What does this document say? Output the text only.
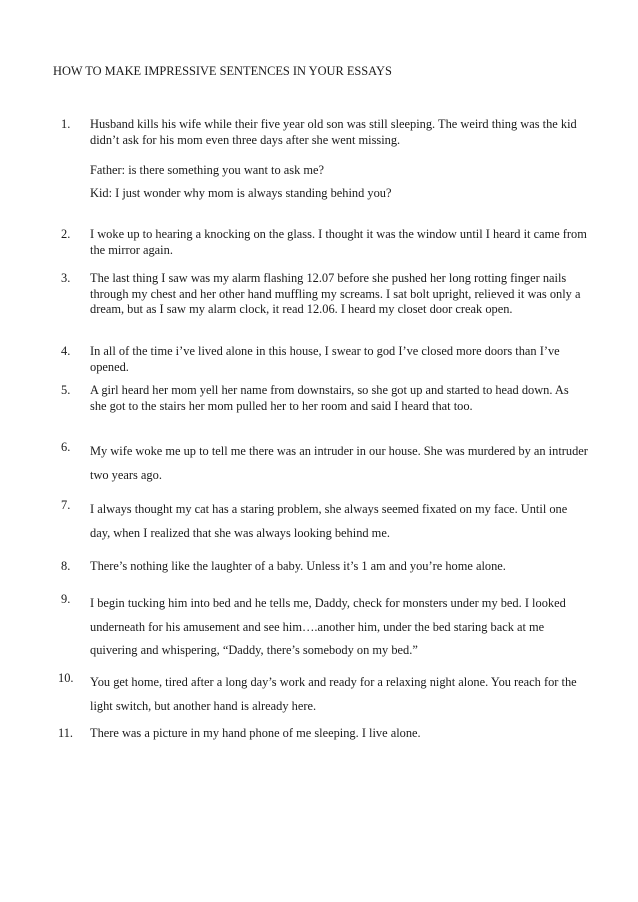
HOW TO MAKE IMPRESSIVE SENTENCES IN YOUR ESSAYS
1.	Husband kills his wife while their five year old son was still sleeping. The weird thing was the kid didn’t ask for his mom even three days after she went missing.
Father: is there something you want to ask me?
Kid: I just wonder why mom is always standing behind you?
2.	I woke up to hearing a knocking on the glass. I thought it was the window until I heard it came from the mirror again.
3.	The last thing I saw was my alarm flashing 12.07 before she pushed her long rotting finger nails through my chest and her other hand muffling my screams. I sat bolt upright, relieved it was only a dream, but as I saw my alarm clock, it read 12.06. I heard my closet door creak open.
4.	In all of the time i’ve lived alone in this house, I swear to god I’ve closed more doors than I’ve opened.
5.	A girl heard her mom yell her name from downstairs, so she got up and started to head down. As she got to the stairs her mom pulled her to her room and said I heard that too.
6.	My wife woke me up to tell me there was an intruder in our house. She was murdered by an intruder two years ago.
7.	I always thought my cat has a staring problem, she always seemed fixated on my face. Until one day, when I realized that she was always looking behind me.
8.	There’s nothing like the laughter of a baby. Unless it’s 1 am and you’re home alone.
9.	I begin tucking him into bed and he tells me, Daddy, check for monsters under my bed. I looked underneath for his amusement and see him….another him, under the bed staring back at me quivering and whispering, “Daddy, there’s somebody on my bed.”
10.	You get home, tired after a long day’s work and ready for a relaxing night alone. You reach for the light switch, but another hand is already here.
11.	There was a picture in my hand phone of me sleeping. I live alone.
